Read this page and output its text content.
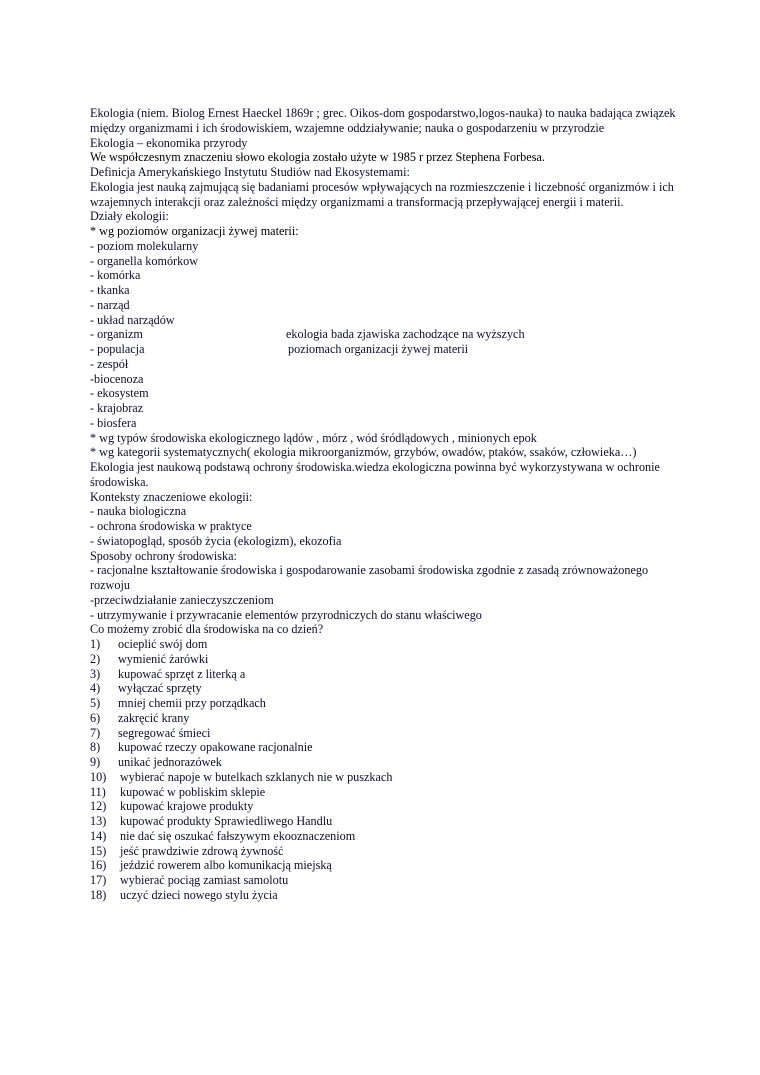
Ekologia (niem. Biolog Ernest Haeckel 1869r ; grec. Oikos-dom gospodarstwo,logos-nauka) to nauka badająca związek między organizmami i ich środowiskiem, wzajemne oddziaływanie; nauka o gospodarzeniu w przyrodzie
Ekologia – ekonomika przyrody
We współczesnym znaczeniu słowo ekologia zostało użyte w 1985 r przez Stephena Forbesa.
Definicja Amerykańskiego Instytutu Studiów nad Ekosystemami:
Ekologia jest nauką zajmującą się badaniami procesów wpływających na rozmieszczenie i liczebność organizmów i ich wzajemnych interakcji oraz zależności między organizmami a transformacją przepływającej energii i materii.
Działy ekologii:
* wg poziomów organizacji żywej materii:
- poziom molekularny
- organella komórkow
- komórka
- tkanka
- narząd
- układ narządów
- organizm	ekologia bada zjawiska zachodzące na wyższych
- populacja	poziomach organizacji żywej materii
- zespół
-biocenoza
- ekosystem
- krajobraz
- biosfera
* wg typów środowiska ekologicznego lądów , mórz , wód śródlądowych , minionych epok
* wg kategorii systematycznych( ekologia mikroorganizmów, grzybów, owadów, ptaków, ssaków, człowieka…)
Ekologia jest naukową podstawą ochrony środowiska.wiedza ekologiczna powinna być wykorzystywana w ochronie środowiska.
Konteksty znaczeniowe ekologii:
- nauka biologiczna
- ochrona środowiska w praktyce
- światopogląd, sposób życia (ekologizm), ekozofia
Sposoby ochrony środowiska:
- racjonalne kształtowanie środowiska i gospodarowanie zasobami środowiska zgodnie z zasadą zrównoważonego rozwoju
-przeciwdziałanie zanieczyszczeniom
- utrzymywanie i przywracanie elementów przyrodniczych do stanu właściwego
Co możemy zrobić dla środowiska na co dzień?
1)	ocieplić swój dom
2)	wymienić żarówki
3)	kupować sprzęt z literką a
4)	wyłączać sprzęty
5)	mniej chemii przy porządkach
6)	zakręcić krany
7)	segregować śmieci
8)	kupować rzeczy opakowane racjonalnie
9)	unikać jednorazówek
10)	wybierać napoje w butelkach szklanych nie w puszkach
11)	kupować w pobliskim sklepie
12)	kupować krajowe produkty
13)	kupować produkty Sprawiedliwego Handlu
14)	nie dać się oszukać fałszywym ekooznaczeniom
15)	jeść prawdziwie zdrową żywność
16)	jeździć rowerem albo komunikacją miejską
17)	wybierać pociąg zamiast samolotu
18)	uczyć dzieci nowego stylu życia
